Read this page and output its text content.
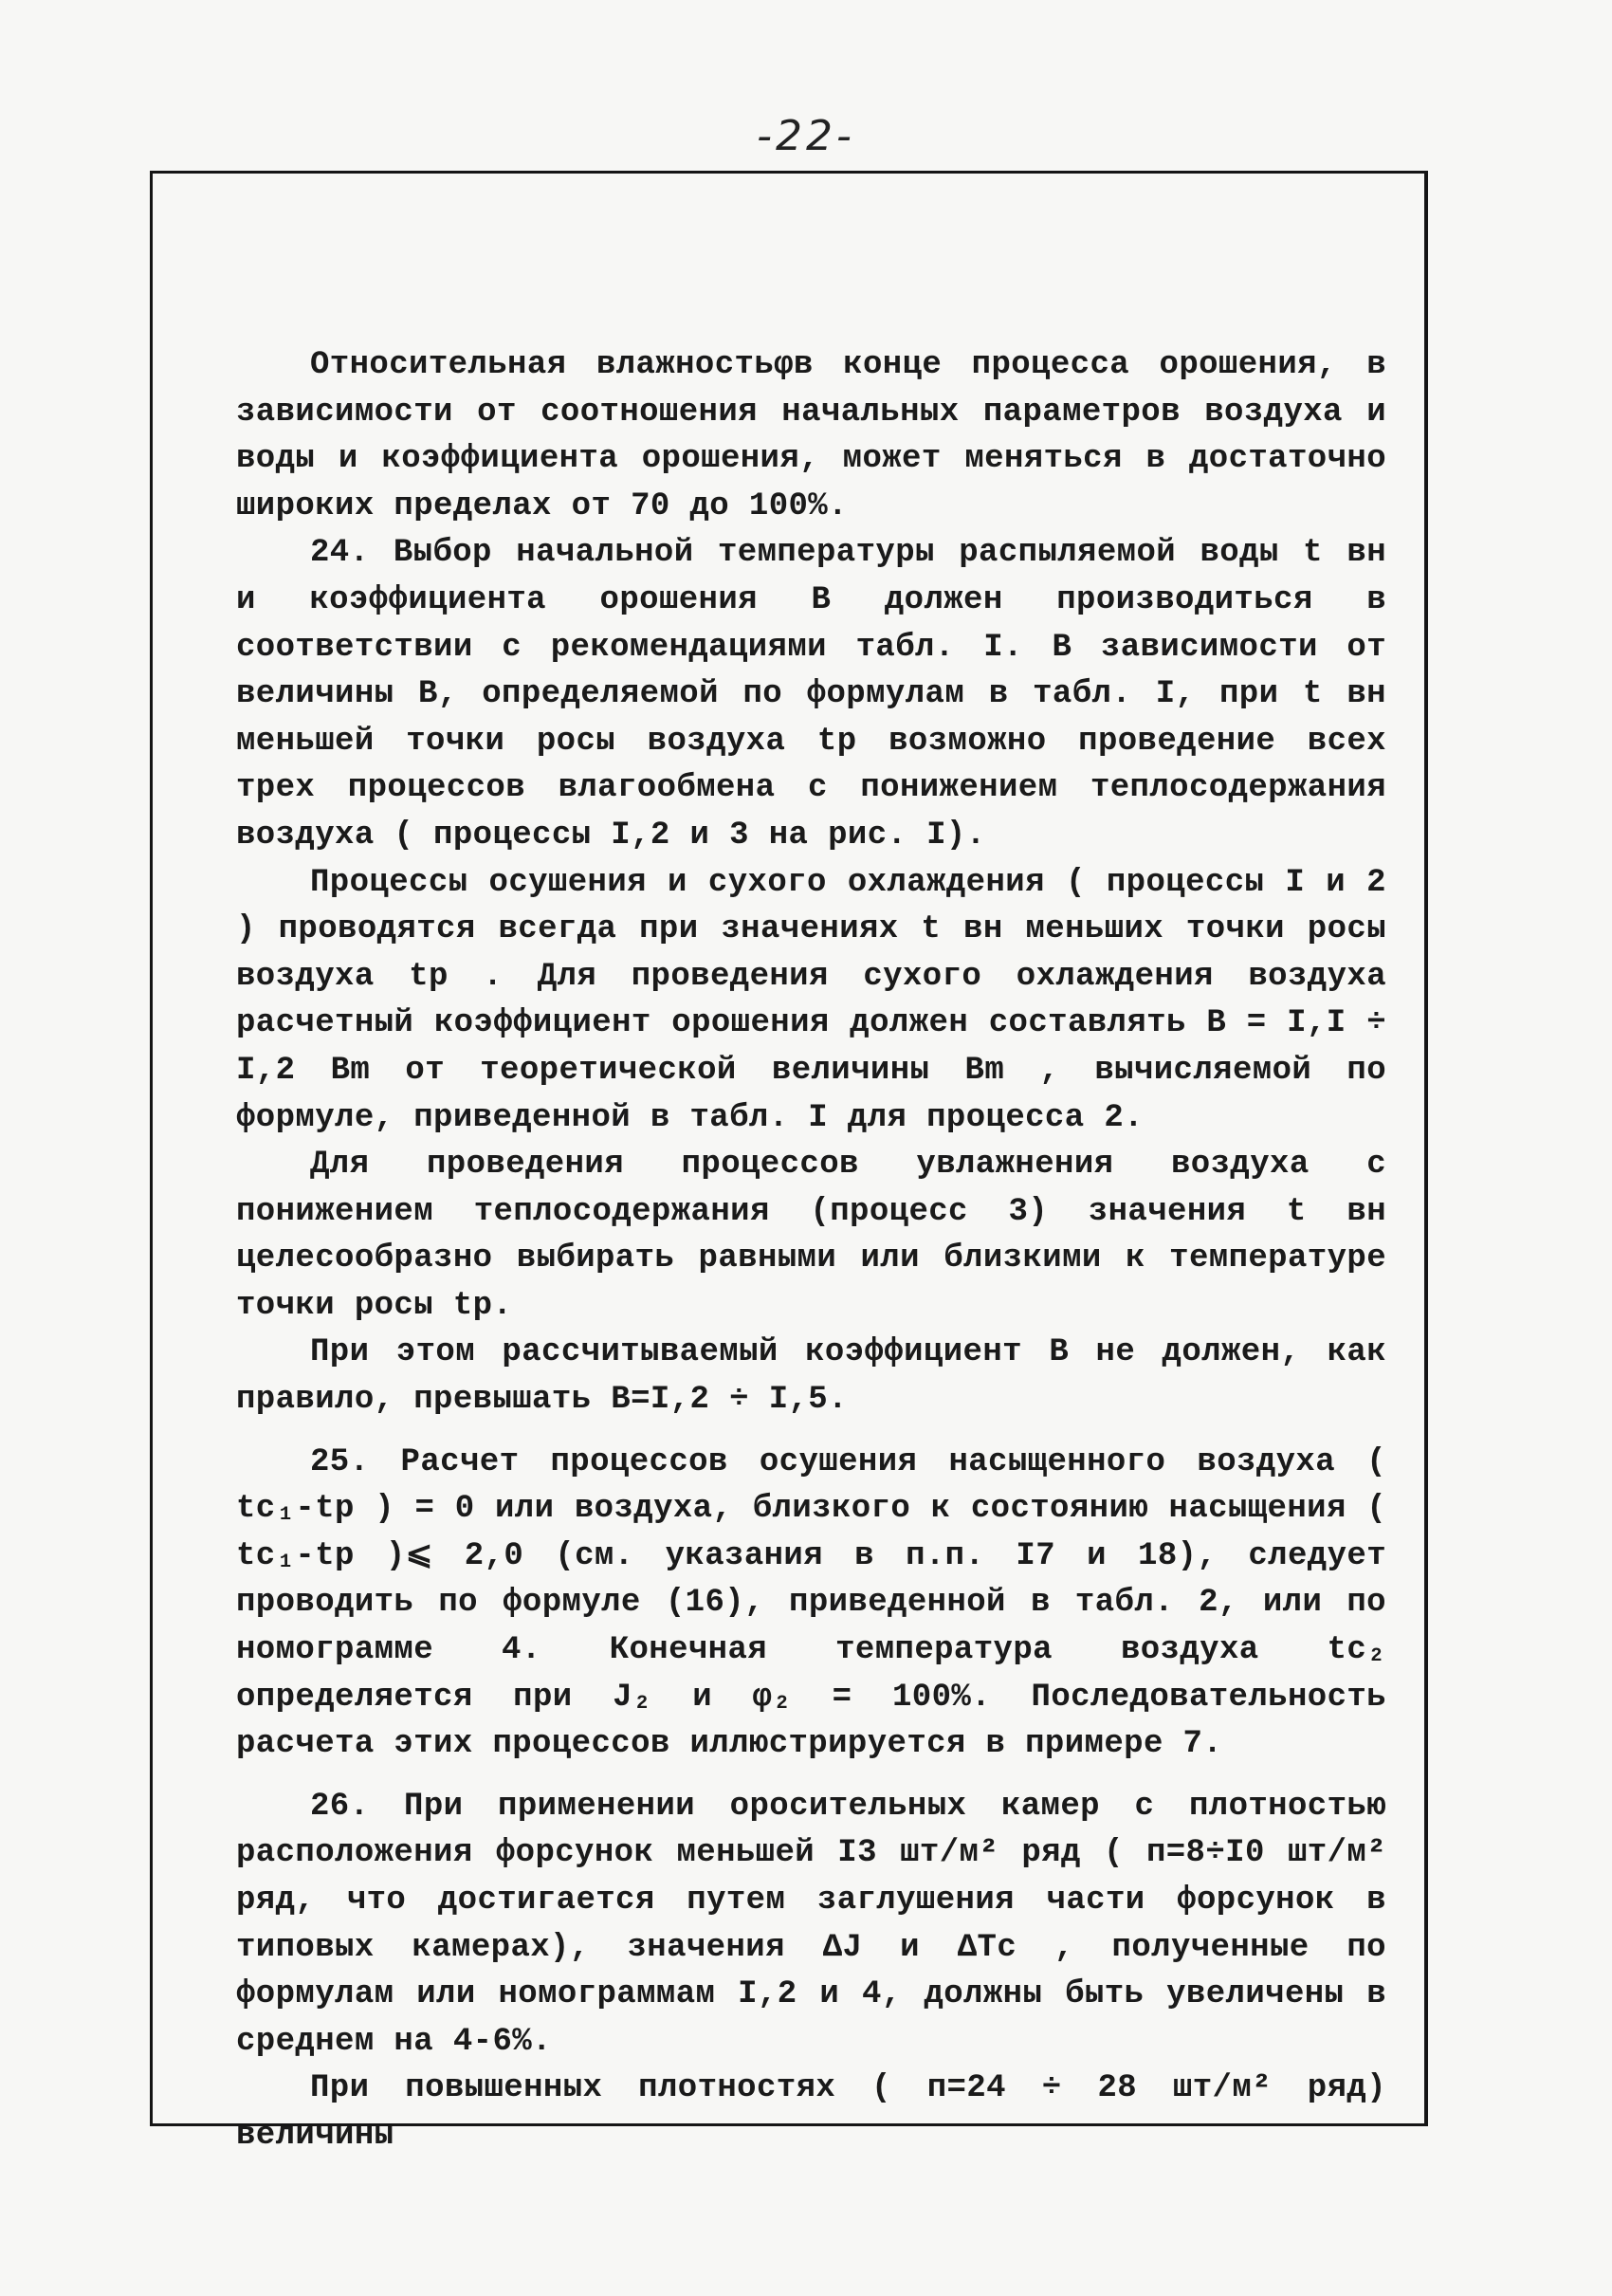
-22-

Относительная влажностьφв конце процесса орошения, в зависимости от соотношения начальных параметров воздуха и воды и коэффициента орошения, может меняться в достаточно широких пределах от 70 до 100%.

24. Выбор начальной температуры распыляемой воды t вн и коэффициента орошения В должен производиться в соответствии с рекомендациями табл. I. В зависимости от величины В, определяемой по формулам в табл. I, при t вн меньшей точки росы воздуха tр возможно проведение всех трех процессов влагообмена с понижением теплосодержания воздуха ( процессы I,2 и 3 на рис. I).

Процессы осушения и сухого охлаждения ( процессы I и 2 ) проводятся всегда при значениях t вн меньших точки росы воздуха tр . Для проведения сухого охлаждения воздуха расчетный коэффициент орошения должен составлять В = I,I ÷ I,2 Bm от теоретической величины Bm , вычисляемой по формуле, приведенной в табл. I для процесса 2.

Для проведения процессов увлажнения воздуха с понижением теплосодержания (процесс 3) значения t вн целесообразно выбирать равными или близкими к температуре точки росы tр.

При этом рассчитываемый коэффициент В не должен, как правило, превышать В=I,2 ÷ I,5.

25. Расчет процессов осушения насыщенного воздуха ( tс₁-tр ) = 0 или воздуха, близкого к состоянию насыщения ( tс₁-tр )⩽ 2,0 (см. указания в п.п. I7 и 18), следует проводить по формуле (16), приведенной в табл. 2, или по номограмме 4. Конечная температура воздуха tс₂ определяется при J₂ и φ₂ = 100%. Последовательность расчета этих процессов иллюстрируется в примере 7.

26. При применении оросительных камер с плотностью расположения форсунок меньшей I3 шт/м² ряд ( п=8÷I0 шт/м² ряд, что достигается путем заглушения части форсунок в типовых камерах), значения ΔJ и ΔTс , полученные по формулам или номограммам I,2 и 4, должны быть увеличены в среднем на 4-6%.

При повышенных плотностях ( п=24 ÷ 28 шт/м² ряд) величины
